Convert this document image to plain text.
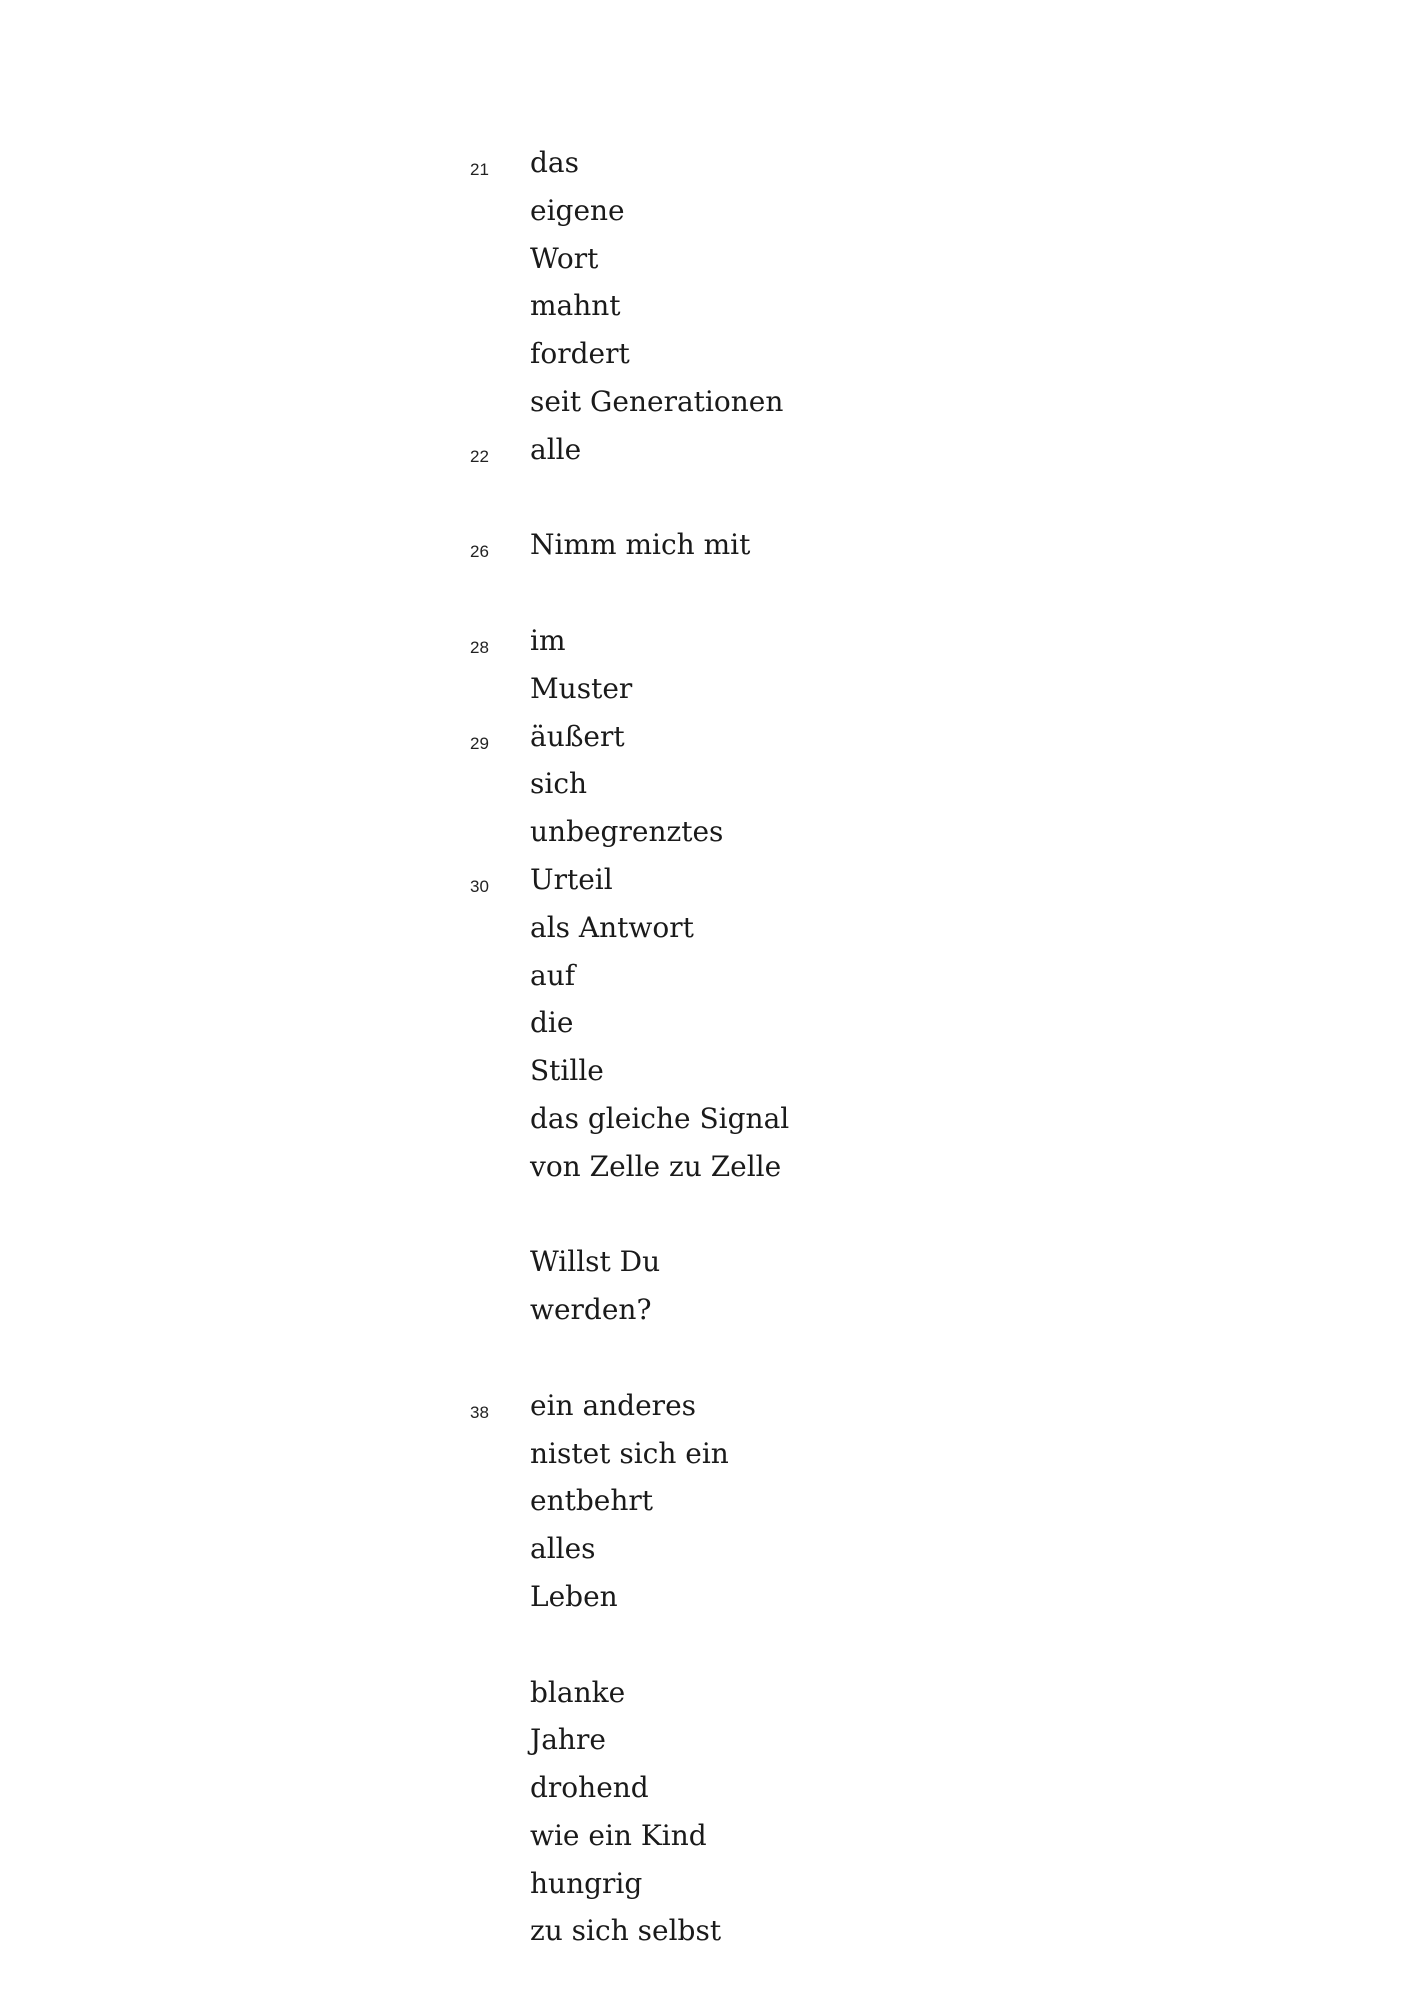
21 das
eigene
Wort
mahnt
fordert
seit Generationen
22 alle
26 Nimm mich mit
28 im
Muster
29 äußert
sich
unbegrenztes
30 Urteil
als Antwort
auf
die
Stille
das gleiche Signal
von Zelle zu Zelle
Willst Du
werden?
38 ein anderes
nistet sich ein
entbehrt
alles
Leben
blanke
Jahre
drohend
wie ein Kind
hungrig
zu sich selbst
